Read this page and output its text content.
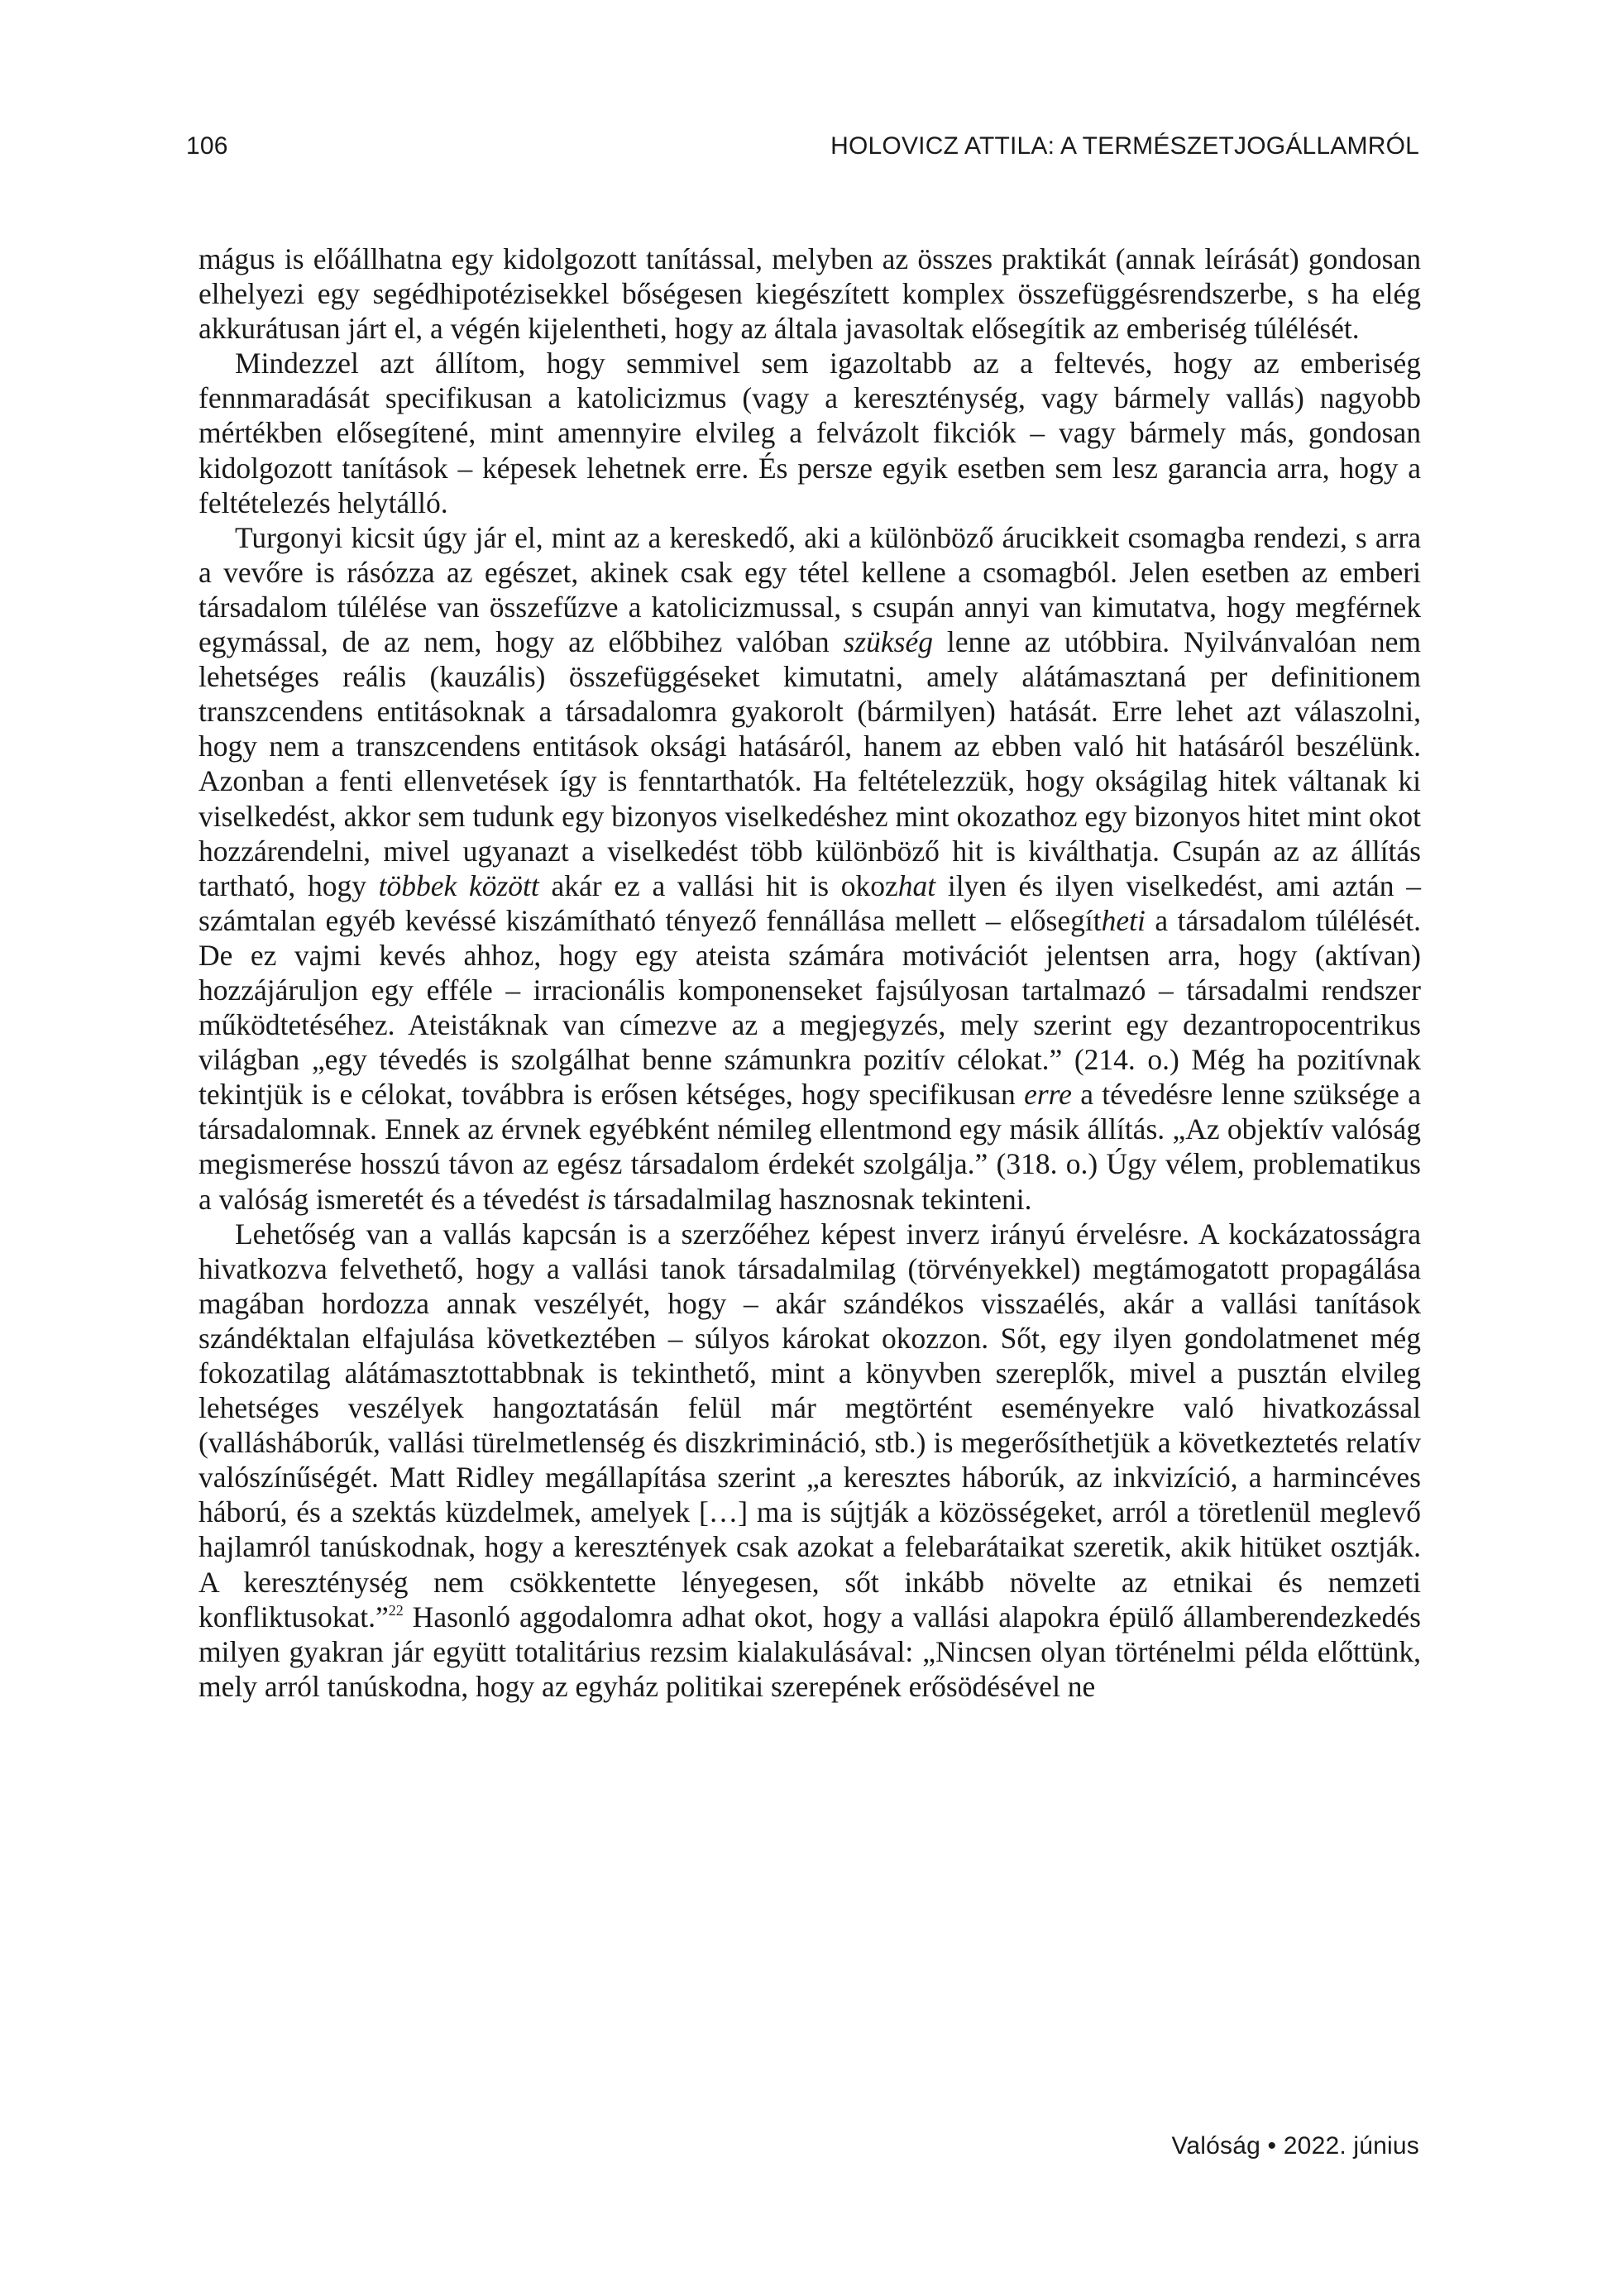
106	HOLOVICZ ATTILA: A TERMÉSZETJOGÁLLAMRÓL

mágus is előállhatna egy kidolgozott tanítással, melyben az összes praktikát (annak leírását) gondosan elhelyezi egy segédhipotézisekkel bőségesen kiegészített komplex összefüggésrendszerbe, s ha elég akkurátusan járt el, a végén kijelentheti, hogy az általa javasoltak elősegítik az emberiség túlélését.

Mindezzel azt állítom, hogy semmivel sem igazoltabb az a feltevés, hogy az emberiség fennmaradását specifikusan a katolicizmus (vagy a kereszténység, vagy bármely vallás) nagyobb mértékben elősegítené, mint amennyire elvileg a felvázolt fikciók – vagy bármely más, gondosan kidolgozott tanítások – képesek lehetnek erre. És persze egyik esetben sem lesz garancia arra, hogy a feltételezés helytálló.

Turgonyi kicsit úgy jár el, mint az a kereskedő, aki a különböző árucikkeit csomagba rendezi, s arra a vevőre is rásózza az egészet, akinek csak egy tétel kellene a csomagból. Jelen esetben az emberi társadalom túlélése van összefűzve a katolicizmussal, s csupán annyi van kimutatva, hogy megférnek egymással, de az nem, hogy az előbbihez valóban szükség lenne az utóbbira. Nyilvánvalóan nem lehetséges reális (kauzális) összefüggéseket kimutatni, amely alátámasztaná per definitionem transzcendens entitásoknak a társadalomra gyakorolt (bármilyen) hatását. Erre lehet azt válaszolni, hogy nem a transzcendens entitások oksági hatásáról, hanem az ebben való hit hatásáról beszélünk. Azonban a fenti ellenvetések így is fenntarthatók. Ha feltételezzük, hogy okságilag hitek váltanak ki viselkedést, akkor sem tudunk egy bizonyos viselkedéshez mint okozathoz egy bizonyos hitet mint okot hozzárendelni, mivel ugyanazt a viselkedést több különböző hit is kiválthatja. Csupán az az állítás tartható, hogy többek között akár ez a vallási hit is okozhat ilyen és ilyen viselkedést, ami aztán – számtalan egyéb kevéssé kiszámítható tényező fennállása mellett – elősegítheti a társadalom túlélését. De ez vajmi kevés ahhoz, hogy egy ateista számára motivációt jelentsen arra, hogy (aktívan) hozzájáruljon egy efféle – irracionális komponenseket fajsúlyosan tartalmazó – társadalmi rendszer működtetéséhez. Ateistáknak van címezve az a megjegyzés, mely szerint egy dezantropocentrikus világban „egy tévedés is szolgálhat benne számunkra pozitív célokat.” (214. o.) Még ha pozitívnak tekintjük is e célokat, továbbra is erősen kétséges, hogy specifikusan erre a tévedésre lenne szüksége a társadalomnak. Ennek az érvnek egyébként némileg ellentmond egy másik állítás. „Az objektív valóság megismerése hosszú távon az egész társadalom érdekét szolgálja.” (318. o.) Úgy vélem, problematikus a valóság ismeretét és a tévedést is társadalmilag hasznosnak tekinteni.

Lehetőség van a vallás kapcsán is a szerzőéhez képest inverz irányú érvelésre. A kockázatosságra hivatkozva felvethető, hogy a vallási tanok társadalmilag (törvényekkel) megtámogatott propagálása magában hordozza annak veszélyét, hogy – akár szándékos visszaélés, akár a vallási tanítások szándéktalan elfajulása következtében – súlyos károkat okozzon. Sőt, egy ilyen gondolatmenet még fokozatilag alátámasztottabbnak is tekinthető, mint a könyvben szereplők, mivel a pusztán elvileg lehetséges veszélyek hangoztatásán felül már megtörtént eseményekre való hivatkozással (vallásháborúk, vallási türelmetlenség és diszkrimináció, stb.) is megerősíthetjük a következtetés relatív valószínűségét. Matt Ridley megállapítása szerint „a keresztes háborúk, az inkvizíció, a harmincéves háború, és a szektás küzdelmek, amelyek […] ma is sújtják a közösségeket, arról a töretlenül meglevő hajlamról tanúskodnak, hogy a keresztények csak azokat a felebarátaikat szeretik, akik hitüket osztják. A kereszténység nem csökkentette lényegesen, sőt inkább növelte az etnikai és nemzeti konfliktusokat.”$^{22}$ Hasonló aggodalomra adhat okot, hogy a vallási alapokra épülő államberendezkedés milyen gyakran jár együtt totalitárius rezsim kialakulásával: „Nincsen olyan történelmi példa előttünk, mely arról tanúskodna, hogy az egyház politikai szerepének erősödésével ne

Valóság • 2022. június
